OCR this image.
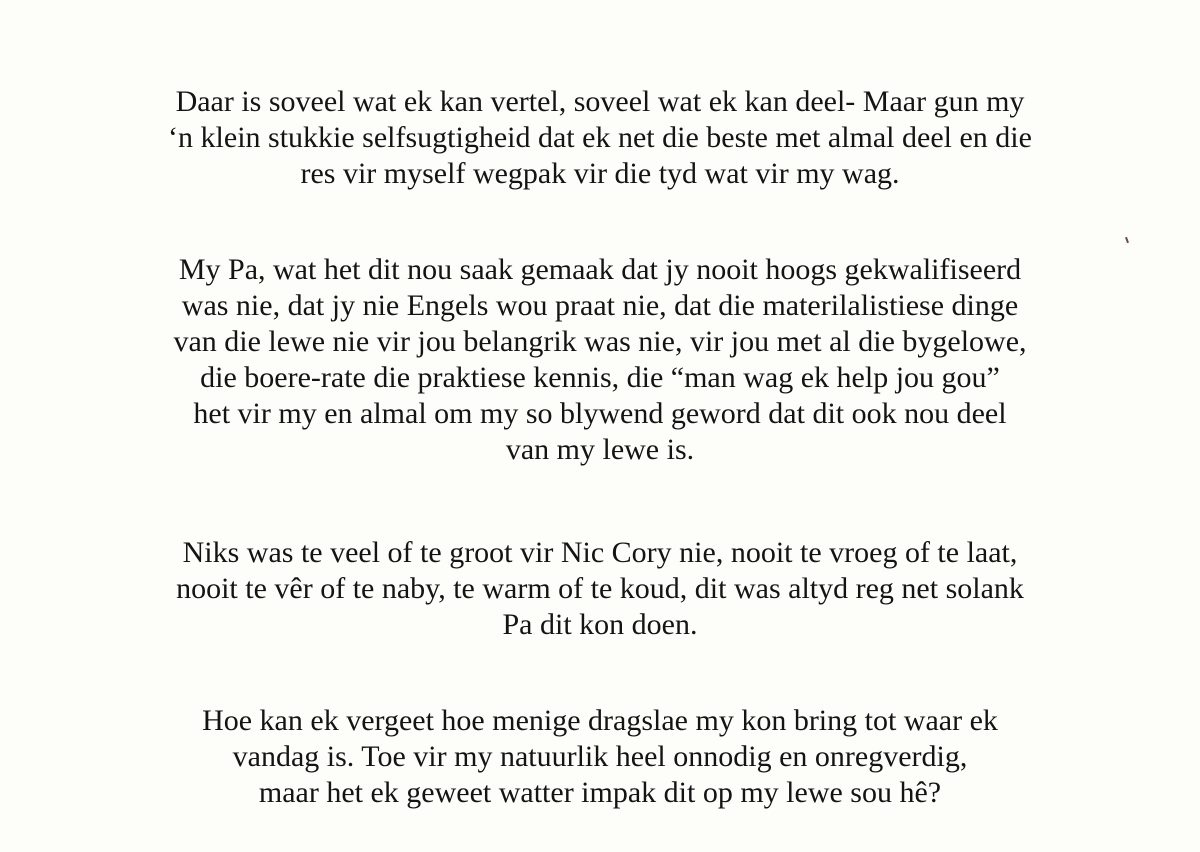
Daar is soveel wat ek kan vertel, soveel wat ek kan deel- Maar gun my
‘n klein stukkie selfsugtigheid dat ek net die beste met almal deel en die
res vir myself wegpak vir die tyd wat vir my wag.
My Pa, wat het dit nou saak gemaak dat jy nooit hoogs gekwalifiseerd
was nie, dat jy nie Engels wou praat nie, dat die materilalistiese dinge
van die lewe nie vir jou belangrik was nie, vir jou met al die bygelowe,
die boere-rate die praktiese kennis, die “man wag ek help jou gou”
het vir my en almal om my so blywend geword dat dit ook nou deel
van my lewe is.
Niks was te veel of te groot vir Nic Cory nie, nooit te vroeg of te laat,
nooit te vêr of te naby, te warm of te koud, dit was altyd reg net solank
Pa dit kon doen.
Hoe kan ek vergeet hoe menige dragslae my kon bring tot waar ek
vandag is. Toe vir my natuurlik heel onnodig en onregverdig,
maar het ek geweet watter impak dit op my lewe sou hê?
